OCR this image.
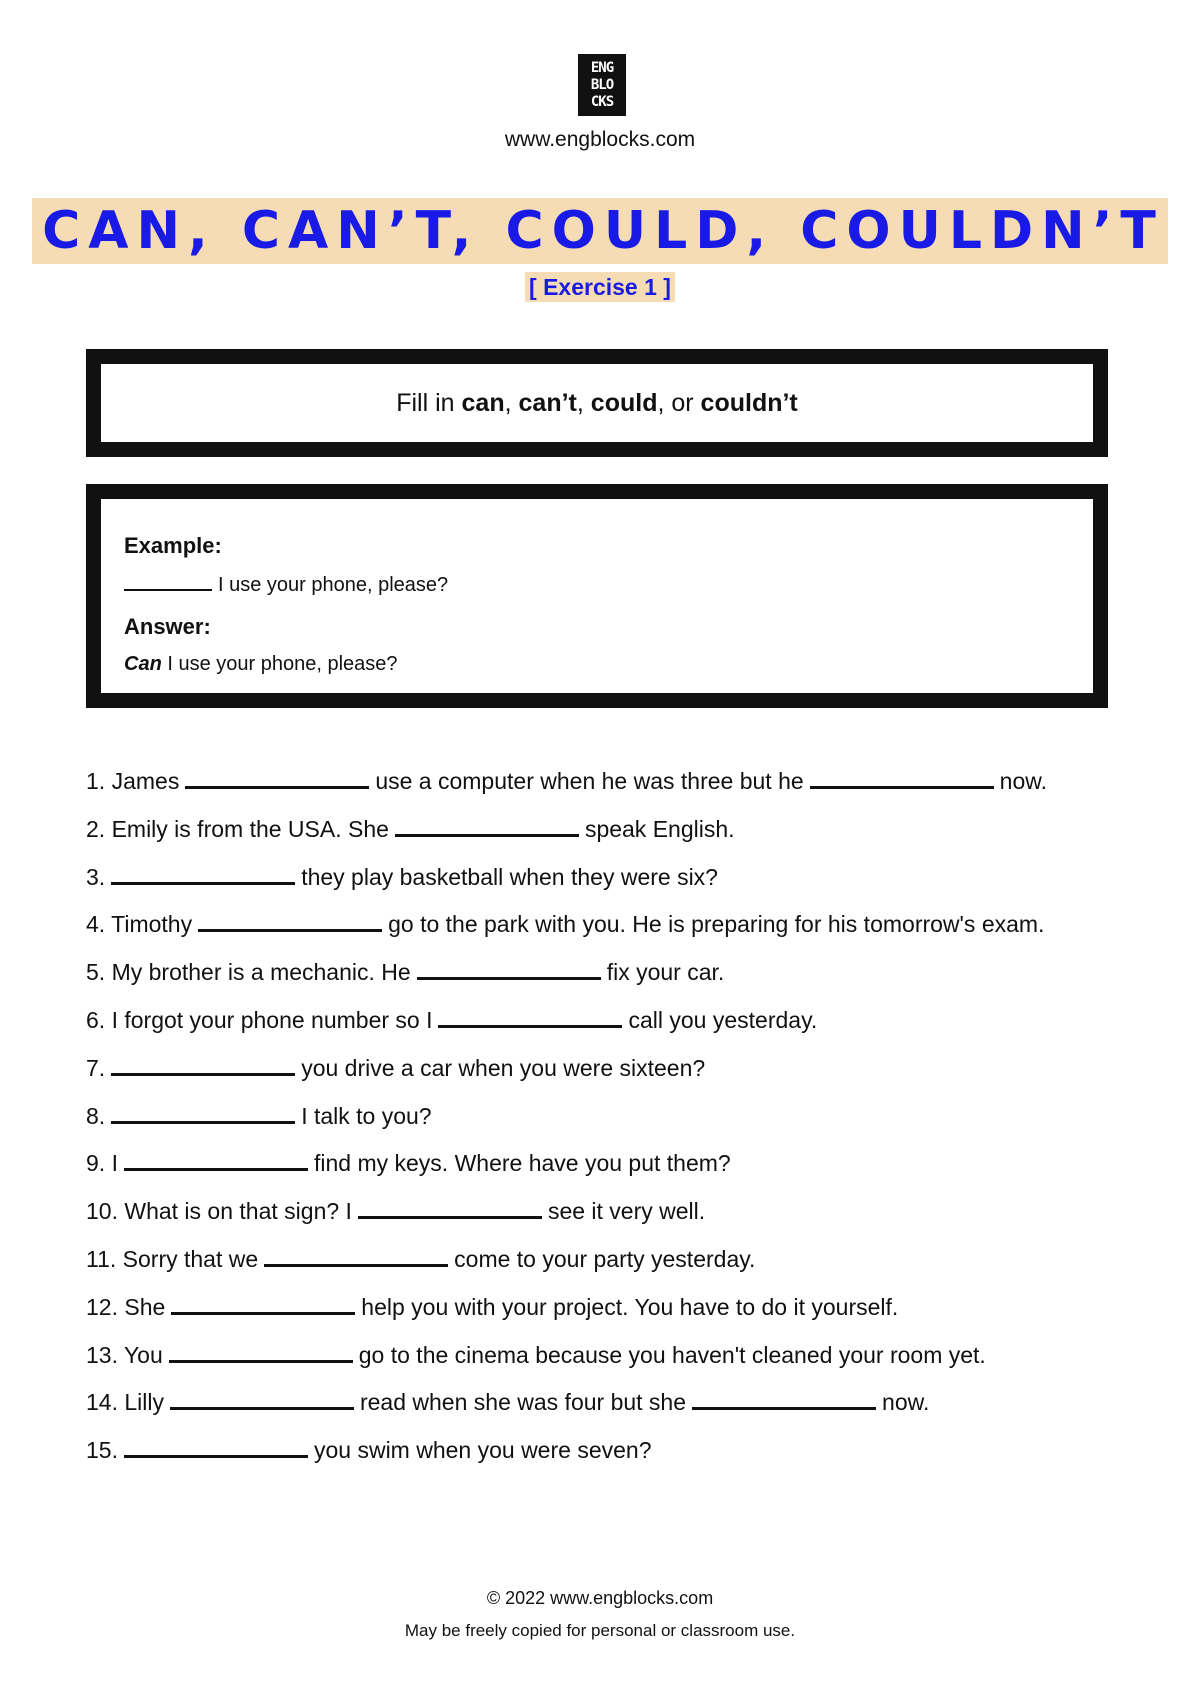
ENG
BLO
CKS
www.engblocks.com
CAN, CAN’T, COULD, COULDN’T
[ Exercise 1 ]
Fill in can, can’t, could, or couldn’t

Example:

I use your phone, please?

Answer:

Can I use your phone, please?

1. James	use a computer when he was three but he	now.
2. Emily is from the USA. She	speak English.
3.	they play basketball when they were six?
4. Timothy	go to the park with you. He is preparing for his tomorrow's exam.
5. My brother is a mechanic. He	fix your car.
6. I forgot your phone number so I	call you yesterday.
7.	you drive a car when you were sixteen?
8.	I talk to you?
9. I	find my keys. Where have you put them?
10. What is on that sign? I	see it very well.
11. Sorry that we	come to your party yesterday.
12. She	help you with your project. You have to do it yourself.
13. You	go to the cinema because you haven't cleaned your room yet.
14. Lilly	read when she was four but she	now.
15.	you swim when you were seven?
© 2022 www.engblocks.com
May be freely copied for personal or classroom use.
